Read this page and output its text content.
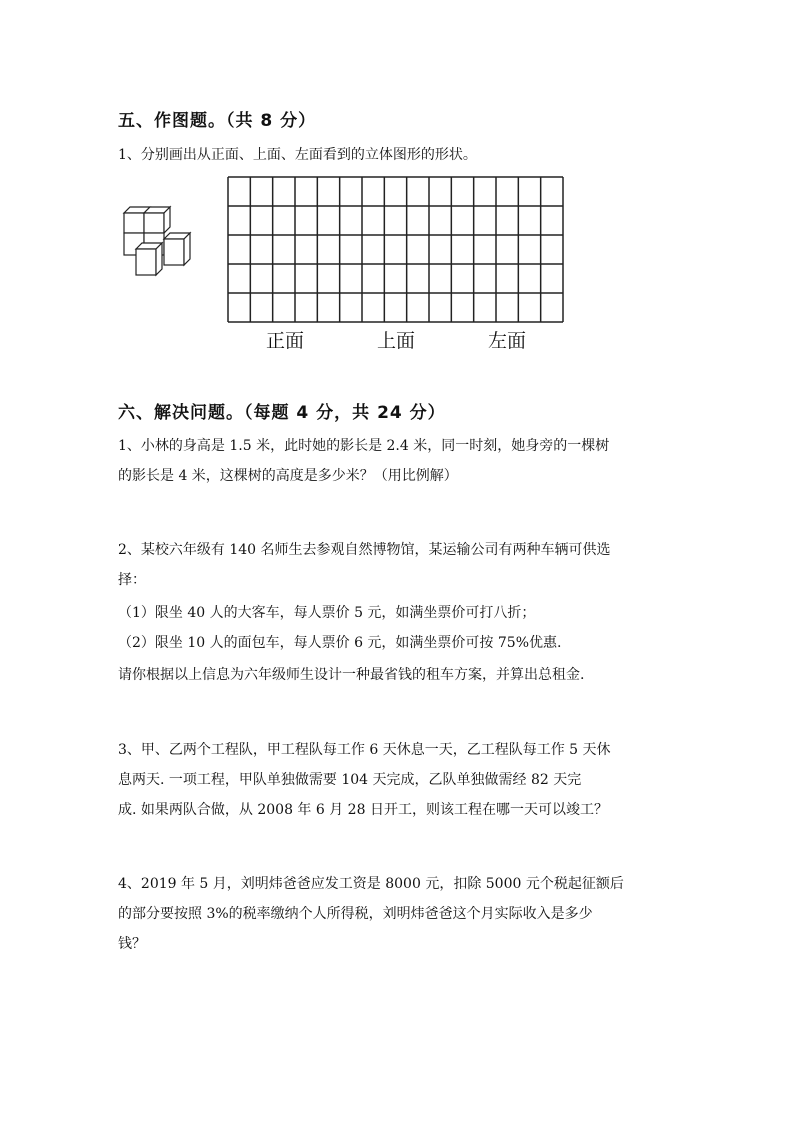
五、作图题。（共 8 分）
1、分别画出从正面、上面、左面看到的立体图形的形状。
正面	上面	左面
六、解决问题。（每题 4 分，共 24 分）
1、小林的身高是 1.5 米，此时她的影长是 2.4 米，同一时刻，她身旁的一棵树
的影长是 4 米，这棵树的高度是多少米？（用比例解）
2、某校六年级有 140 名师生去参观自然博物馆，某运输公司有两种车辆可供选
择：
（1）限坐 40 人的大客车，每人票价 5 元，如满坐票价可打八折；
（2）限坐 10 人的面包车，每人票价 6 元，如满坐票价可按 75%优惠.
请你根据以上信息为六年级师生设计一种最省钱的租车方案，并算出总租金.
3、甲、乙两个工程队，甲工程队每工作 6 天休息一天，乙工程队每工作 5 天休
息两天. 一项工程，甲队单独做需要 104 天完成，乙队单独做需经 82 天完
成. 如果两队合做，从 2008 年 6 月 28 日开工，则该工程在哪一天可以竣工？
4、2019 年 5 月，刘明炜爸爸应发工资是 8000 元，扣除 5000 元个税起征额后
的部分要按照 3%的税率缴纳个人所得税，刘明炜爸爸这个月实际收入是多少
钱？
